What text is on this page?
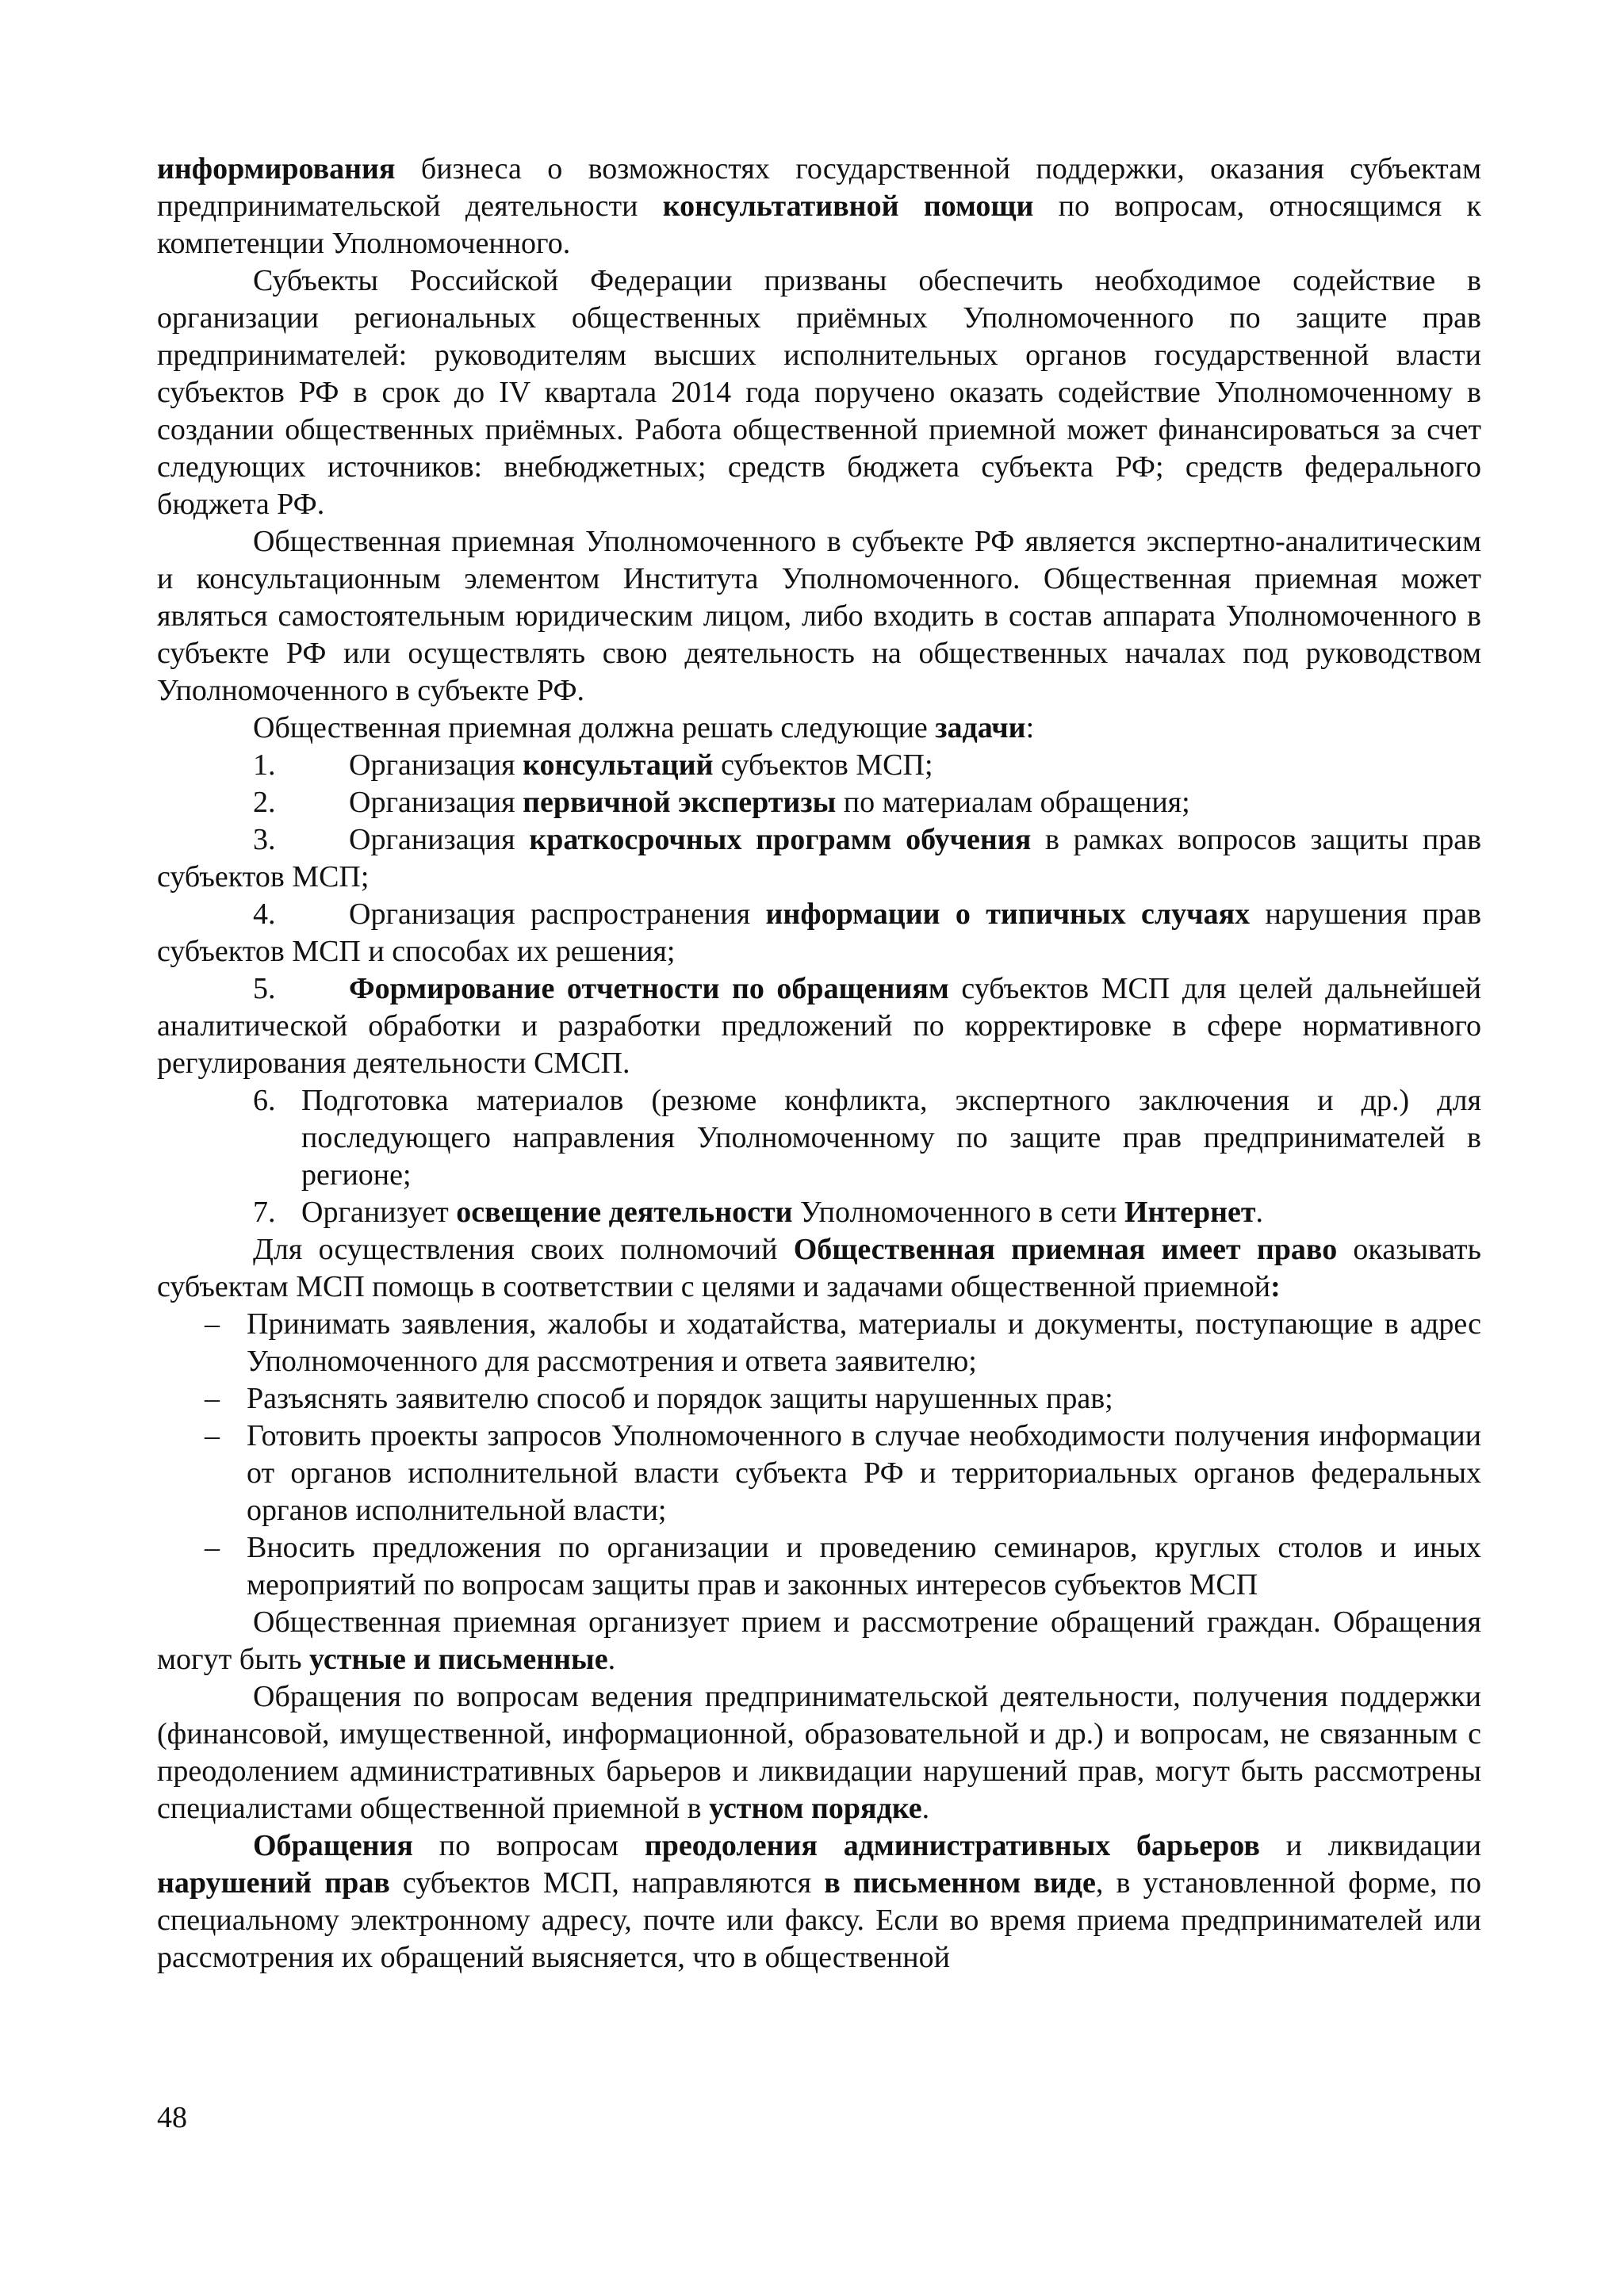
информирования бизнеса о возможностях государственной поддержки, оказания субъектам предпринимательской деятельности консультативной помощи по вопросам, относящимся к компетенции Уполномоченного.

Субъекты Российской Федерации призваны обеспечить необходимое содействие в организации региональных общественных приёмных Уполномоченного по защите прав предпринимателей: руководителям высших исполнительных органов государственной власти субъектов РФ в срок до IV квартала 2014 года поручено оказать содействие Уполномоченному в создании общественных приёмных. Работа общественной приемной может финансироваться за счет следующих источников: внебюджетных; средств бюджета субъекта РФ; средств федерального бюджета РФ.

Общественная приемная Уполномоченного в субъекте РФ является экспертно-аналитическим и консультационным элементом Института Уполномоченного. Общественная приемная может являться самостоятельным юридическим лицом, либо входить в состав аппарата Уполномоченного в субъекте РФ или осуществлять свою деятельность на общественных началах под руководством Уполномоченного в субъекте РФ.

Общественная приемная должна решать следующие задачи:

1. Организация консультаций субъектов МСП;

2. Организация первичной экспертизы по материалам обращения;

3. Организация краткосрочных программ обучения в рамках вопросов защиты прав субъектов МСП;

4. Организация распространения информации о типичных случаях нарушения прав субъектов МСП и способах их решения;

5. Формирование отчетности по обращениям субъектов МСП для целей дальнейшей аналитической обработки и разработки предложений по корректировке в сфере нормативного регулирования деятельности СМСП.

6. Подготовка материалов (резюме конфликта, экспертного заключения и др.) для последующего направления Уполномоченному по защите прав предпринимателей в регионе;
7. Организует освещение деятельности Уполномоченного в сети Интернет.

Для осуществления своих полномочий Общественная приемная имеет право оказывать субъектам МСП помощь в соответствии с целями и задачами общественной приемной:

– Принимать заявления, жалобы и ходатайства, материалы и документы, поступающие в адрес Уполномоченного для рассмотрения и ответа заявителю;
– Разъяснять заявителю способ и порядок защиты нарушенных прав;
– Готовить проекты запросов Уполномоченного в случае необходимости получения информации от органов исполнительной власти субъекта РФ и территориальных органов федеральных органов исполнительной власти;
– Вносить предложения по организации и проведению семинаров, круглых столов и иных мероприятий по вопросам защиты прав и законных интересов субъектов МСП

Общественная приемная организует прием и рассмотрение обращений граждан. Обращения могут быть устные и письменные.

Обращения по вопросам ведения предпринимательской деятельности, получения поддержки (финансовой, имущественной, информационной, образовательной и др.) и вопросам, не связанным с преодолением административных барьеров и ликвидации нарушений прав, могут быть рассмотрены специалистами общественной приемной в устном порядке.

Обращения по вопросам преодоления административных барьеров и ликвидации нарушений прав субъектов МСП, направляются в письменном виде, в установленной форме, по специальному электронному адресу, почте или факсу. Если во время приема предпринимателей или рассмотрения их обращений выясняется, что в общественной

48
